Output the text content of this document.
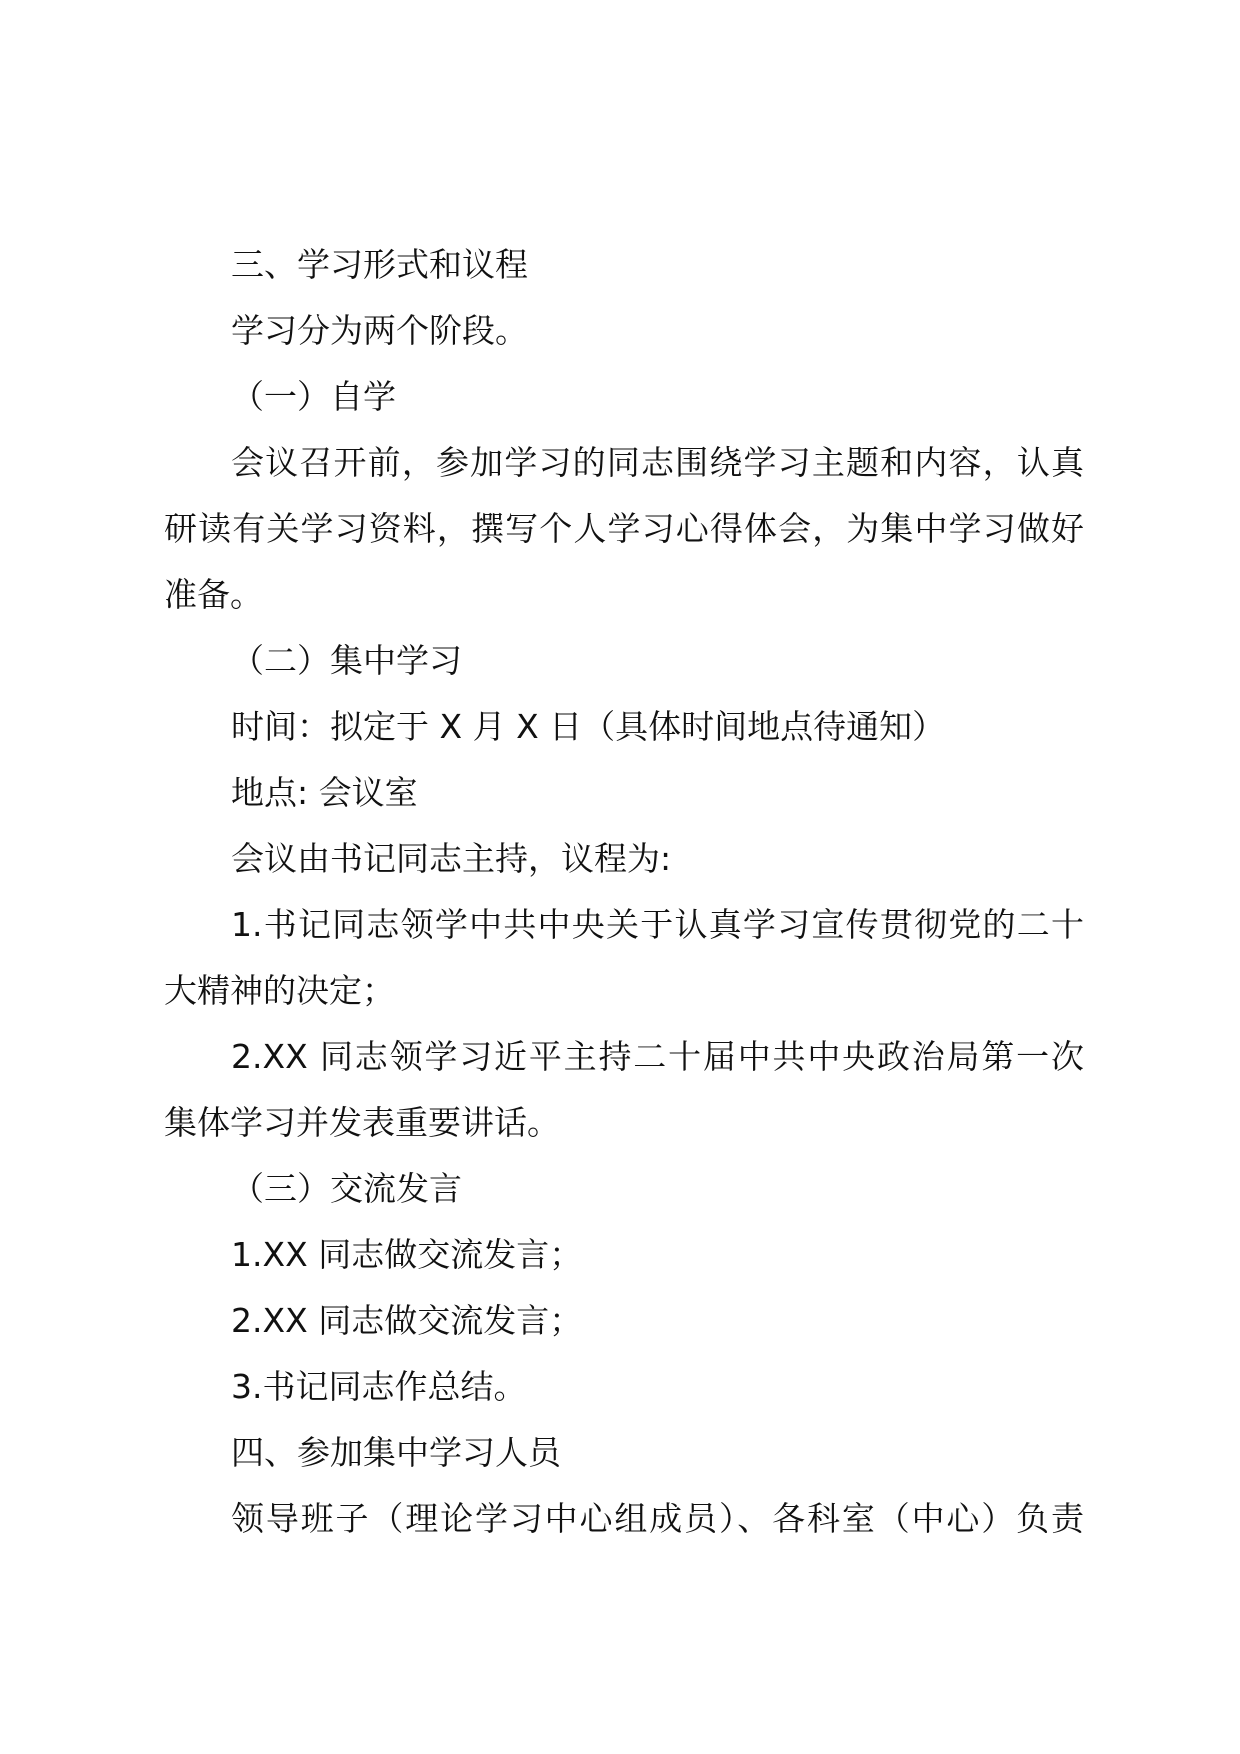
三、学习形式和议程

学习分为两个阶段。

（一）自学

会议召开前，参加学习的同志围绕学习主题和内容，认真

研读有关学习资料，撰写个人学习心得体会，为集中学习做好

准备。

（二）集中学习

时间：拟定于 X 月 X 日（具体时间地点待通知）

地点: 会议室

会议由书记同志主持，议程为:

1.书记同志领学中共中央关于认真学习宣传贯彻党的二十

大精神的决定；

2.XX 同志领学习近平主持二十届中共中央政治局第一次

集体学习并发表重要讲话。

（三）交流发言

1.XX 同志做交流发言；

2.XX 同志做交流发言；

3.书记同志作总结。

四、参加集中学习人员

领导班子（理论学习中心组成员）、各科室（中心）负责
